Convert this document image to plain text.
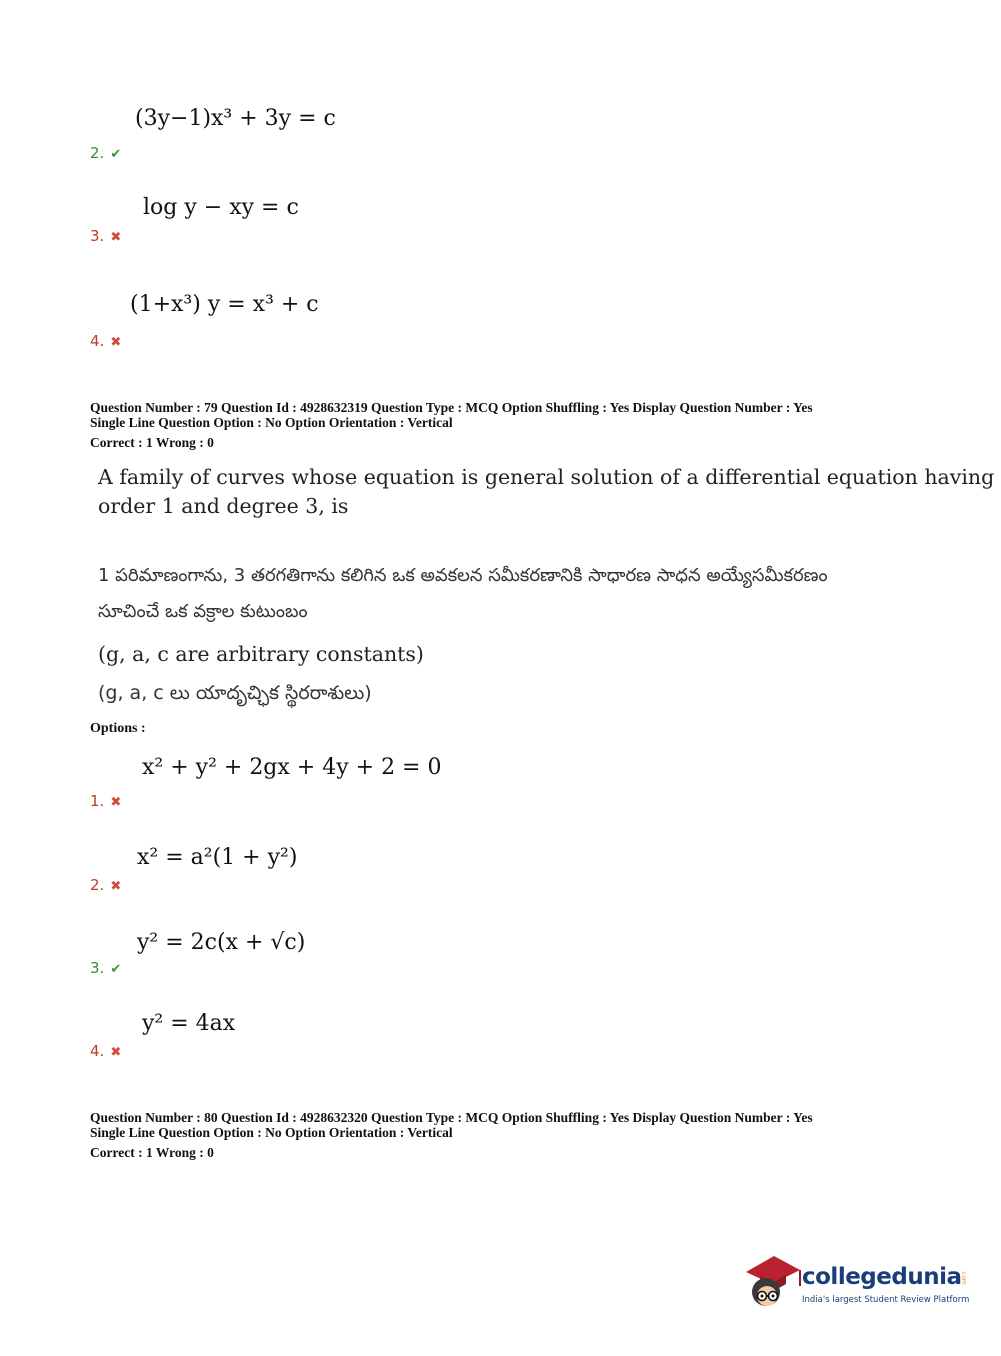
(3y−1)x³ + 3y = c
2. ✔
log y − xy = c
3. ✖
(1+x³) y = x³ + c
4. ✖
Question Number : 79 Question Id : 4928632319 Question Type : MCQ Option Shuffling : Yes Display Question Number : Yes
Single Line Question Option : No Option Orientation : Vertical
Correct : 1 Wrong : 0
A family of curves whose equation is general solution of a differential equation having
order 1 and degree 3, is
1 పరిమాణంగాను, 3 తరగతిగాను కలిగిన ఒక అవకలన సమీకరణానికి సాధారణ సాధన అయ్యేసమీకరణం
సూచించే ఒక వక్రాల కుటుంబం
(g, a, c are arbitrary constants)
(g, a, c లు యాదృచ్ఛిక స్థిరరాశులు)
Options :
x² + y² + 2gx + 4y + 2 = 0
1. ✖
x² = a²(1 + y²)
2. ✖
y² = 2c(x + √c)
3. ✔
y² = 4ax
4. ✖
Question Number : 80 Question Id : 4928632320 Question Type : MCQ Option Shuffling : Yes Display Question Number : Yes
Single Line Question Option : No Option Orientation : Vertical
Correct : 1 Wrong : 0
collegedunia
.com
India's largest Student Review Platform
